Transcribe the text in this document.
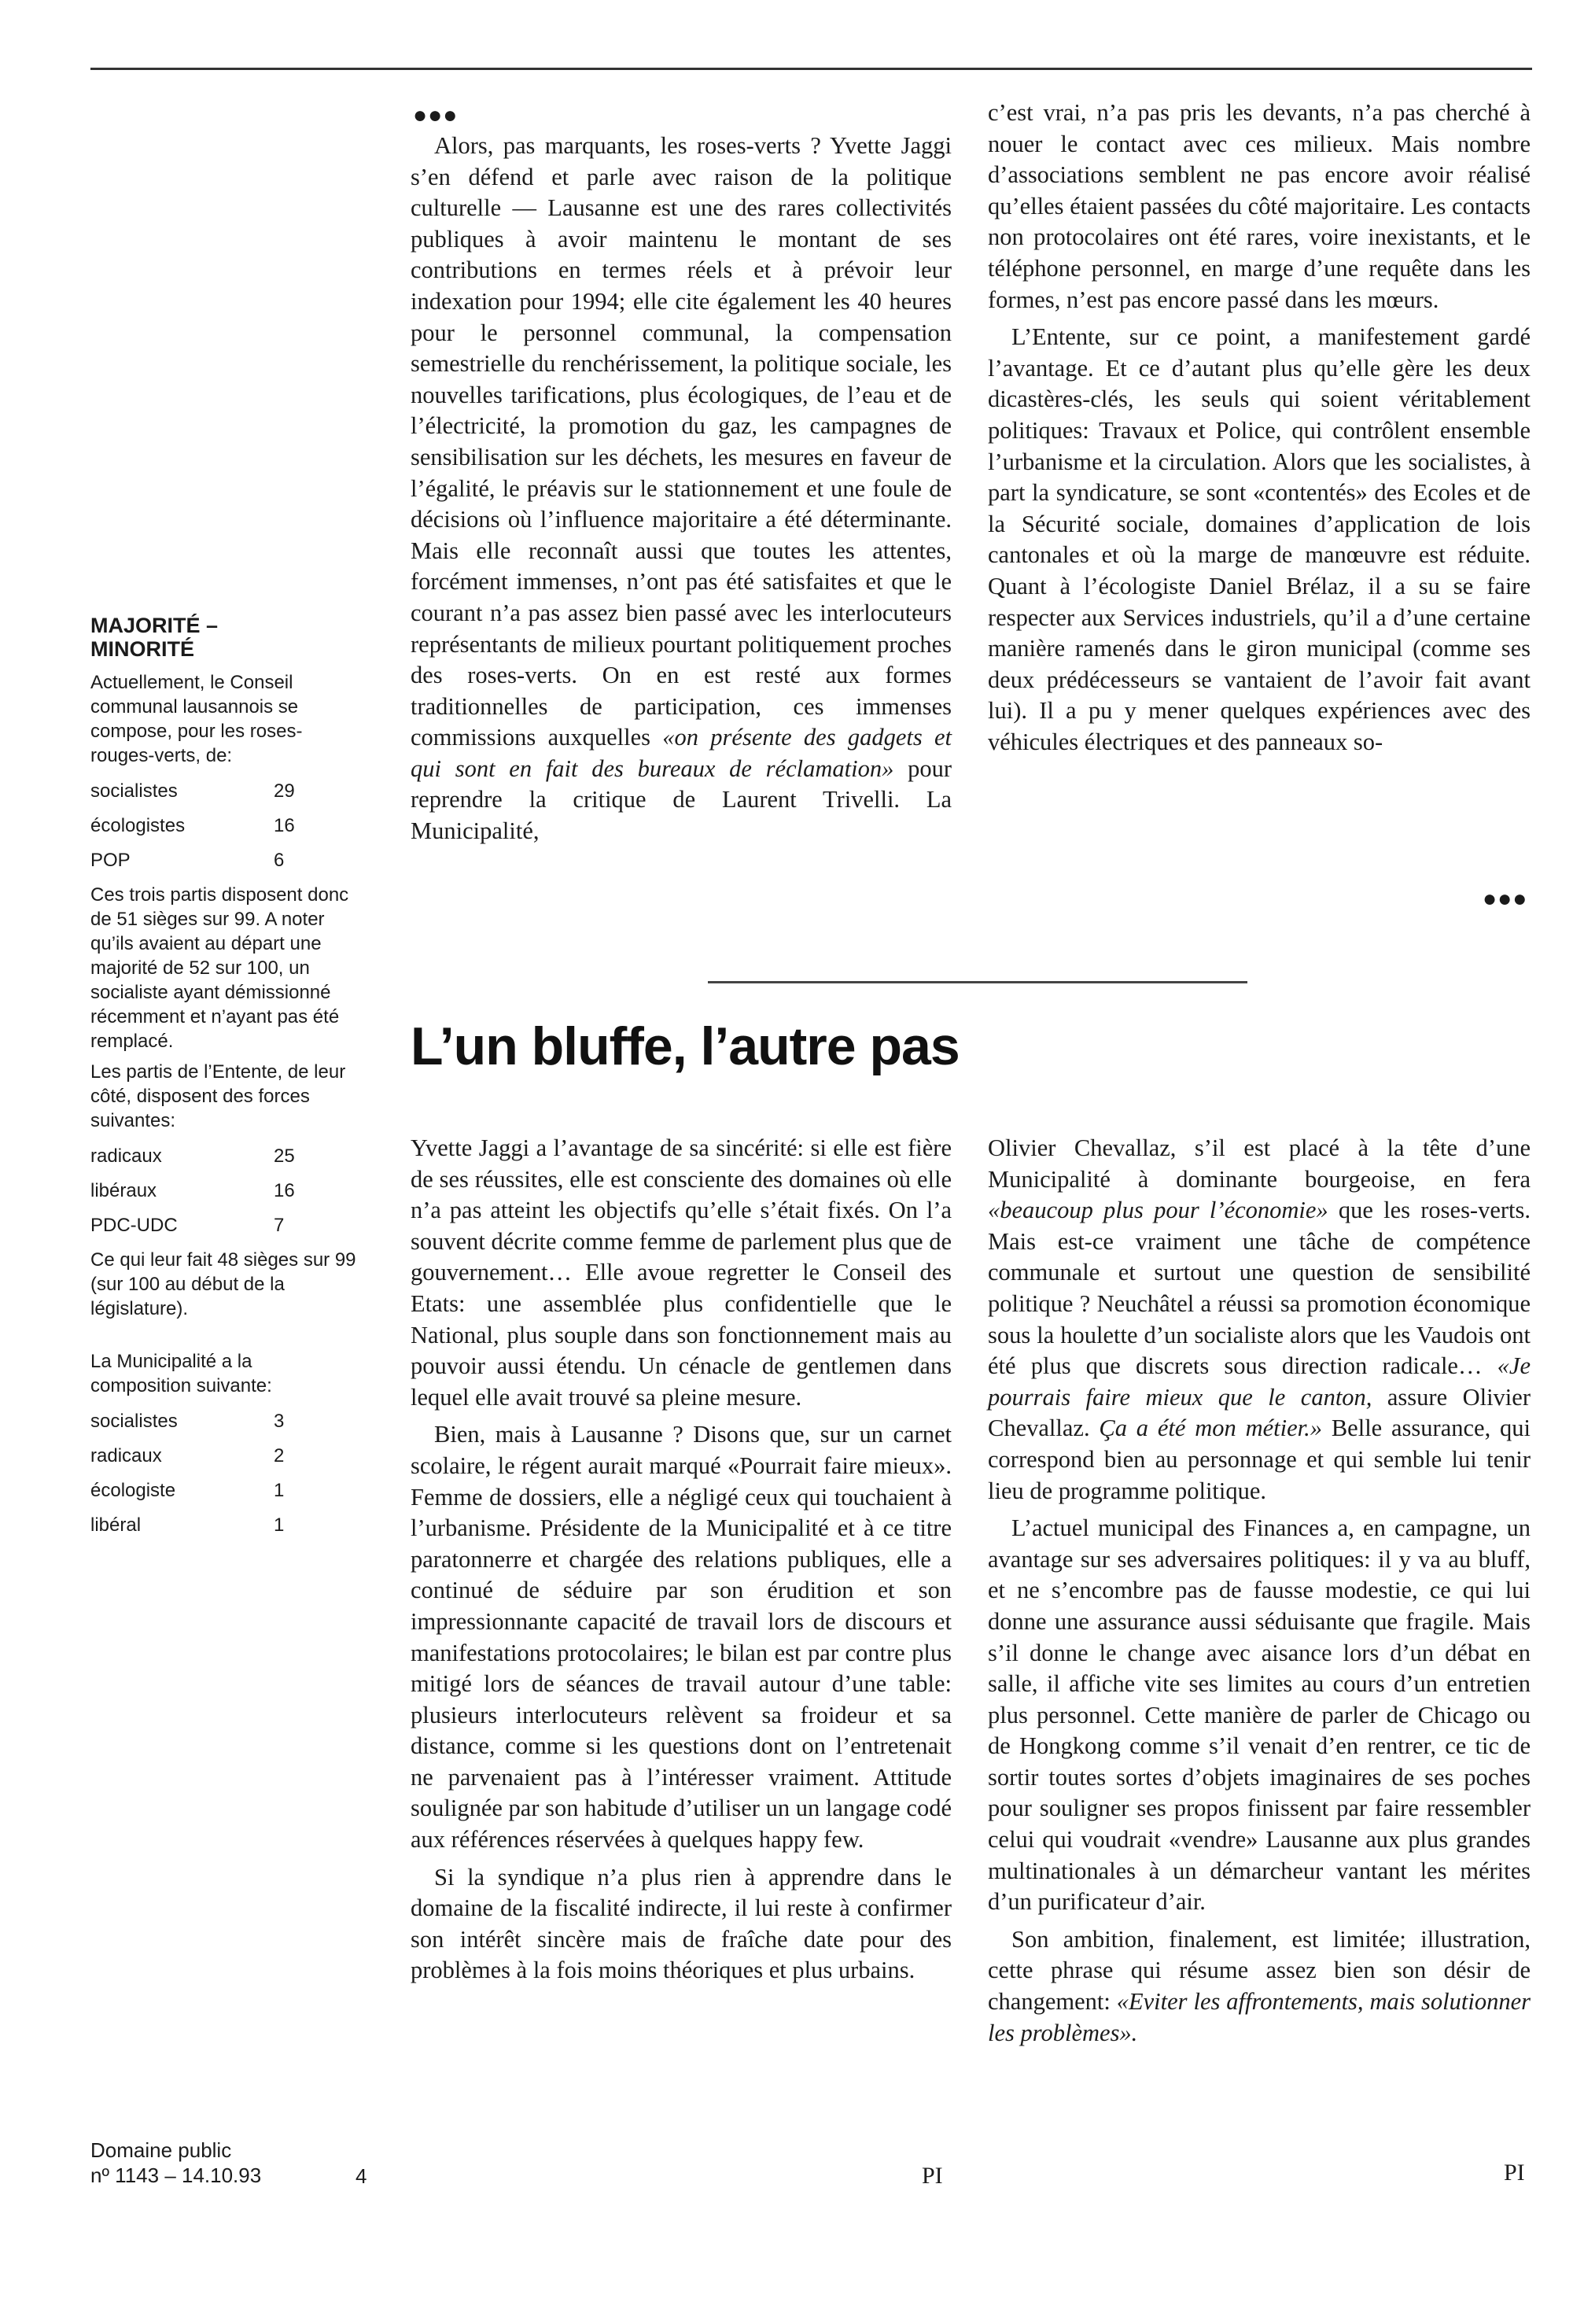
●●●

Alors, pas marquants, les roses-verts ? Yvette Jaggi s’en défend et parle avec raison de la politique culturelle — Lausanne est une des rares collectivités publiques à avoir maintenu le montant de ses contributions en termes réels et à prévoir leur indexation pour 1994; elle cite également les 40 heures pour le personnel communal, la compensation semestrielle du renchérissement, la politique sociale, les nouvelles tarifications, plus écologiques, de l’eau et de l’électricité, la promotion du gaz, les campagnes de sensibilisation sur les déchets, les mesures en faveur de l’égalité, le préavis sur le stationnement et une foule de décisions où l’influence majoritaire a été déterminante. Mais elle reconnaît aussi que toutes les attentes, forcément immenses, n’ont pas été satisfaites et que le courant n’a pas assez bien passé avec les interlocuteurs représentants de milieux pourtant politiquement proches des roses-verts. On en est resté aux formes traditionnelles de participation, ces immenses commissions auxquelles «on présente des gadgets et qui sont en fait des bureaux de réclamation» pour reprendre la critique de Laurent Trivelli. La Municipalité,

c’est vrai, n’a pas pris les devants, n’a pas cherché à nouer le contact avec ces milieux. Mais nombre d’associations semblent ne pas encore avoir réalisé qu’elles étaient passées du côté majoritaire. Les contacts non protocolaires ont été rares, voire inexistants, et le téléphone personnel, en marge d’une requête dans les formes, n’est pas encore passé dans les mœurs.

L’Entente, sur ce point, a manifestement gardé l’avantage. Et ce d’autant plus qu’elle gère les deux dicastères-clés, les seuls qui soient véritablement politiques: Travaux et Police, qui contrôlent ensemble l’urbanisme et la circulation. Alors que les socialistes, à part la syndicature, se sont «contentés» des Ecoles et de la Sécurité sociale, domaines d’application de lois cantonales et où la marge de manœuvre est réduite. Quant à l’écologiste Daniel Brélaz, il a su se faire respecter aux Services industriels, qu’il a d’une certaine manière ramenés dans le giron municipal (comme ses deux prédécesseurs se vantaient de l’avoir fait avant lui). Il a pu y mener quelques expériences avec des véhicules électriques et des panneaux so-

●●●
L’un bluffe, l’autre pas

Yvette Jaggi a l’avantage de sa sincérité: si elle est fière de ses réussites, elle est consciente des domaines où elle n’a pas atteint les objectifs qu’elle s’était fixés. On l’a souvent décrite comme femme de parlement plus que de gouvernement… Elle avoue regretter le Conseil des Etats: une assemblée plus confidentielle que le National, plus souple dans son fonctionnement mais au pouvoir aussi étendu. Un cénacle de gentlemen dans lequel elle avait trouvé sa pleine mesure.

Bien, mais à Lausanne ? Disons que, sur un carnet scolaire, le régent aurait marqué «Pourrait faire mieux». Femme de dossiers, elle a négligé ceux qui touchaient à l’urbanisme. Présidente de la Municipalité et à ce titre paratonnerre et chargée des relations publiques, elle a continué de séduire par son érudition et son impressionnante capacité de travail lors de discours et manifestations protocolaires; le bilan est par contre plus mitigé lors de séances de travail autour d’une table: plusieurs interlocuteurs relèvent sa froideur et sa distance, comme si les questions dont on l’entretenait ne parvenaient pas à l’intéresser vraiment. Attitude soulignée par son habitude d’utiliser un un langage codé aux références réservées à quelques happy few.

Si la syndique n’a plus rien à apprendre dans le domaine de la fiscalité indirecte, il lui reste à confirmer son intérêt sincère mais de fraîche date pour des problèmes à la fois moins théoriques et plus urbains.

PI

Olivier Chevallaz, s’il est placé à la tête d’une Municipalité à dominante bourgeoise, en fera «beaucoup plus pour l’économie» que les roses-verts. Mais est-ce vraiment une tâche de compétence communale et surtout une question de sensibilité politique ? Neuchâtel a réussi sa promotion économique sous la houlette d’un socialiste alors que les Vaudois ont été plus que discrets sous direction radicale… «Je pourrais faire mieux que le canton, assure Olivier Chevallaz. Ça a été mon métier.» Belle assurance, qui correspond bien au personnage et qui semble lui tenir lieu de programme politique.

L’actuel municipal des Finances a, en campagne, un avantage sur ses adversaires politiques: il y va au bluff, et ne s’encombre pas de fausse modestie, ce qui lui donne une assurance aussi séduisante que fragile. Mais s’il donne le change avec aisance lors d’un débat en salle, il affiche vite ses limites au cours d’un entretien plus personnel. Cette manière de parler de Chicago ou de Hongkong comme s’il venait d’en rentrer, ce tic de sortir toutes sortes d’objets imaginaires de ses poches pour souligner ses propos finissent par faire ressembler celui qui voudrait «vendre» Lausanne aux plus grandes multinationales à un démarcheur vantant les mérites d’un purificateur d’air.

Son ambition, finalement, est limitée; illustration, cette phrase qui résume assez bien son désir de changement: «Eviter les affrontements, mais solutionner les problèmes».

PI
MAJORITÉ –
MINORITÉ

Actuellement, le Conseil communal lausannois se compose, pour les roses-rouges-verts, de:

socialistes	29
écologistes	16
POP	6

Ces trois partis disposent donc de 51 sièges sur 99. A noter qu’ils avaient au départ une majorité de 52 sur 100, un socialiste ayant démissionné récemment et n’ayant pas été remplacé.

Les partis de l’Entente, de leur côté, disposent des forces suivantes:

radicaux	25
libéraux	16
PDC-UDC	7

Ce qui leur fait 48 sièges sur 99 (sur 100 au début de la législature).

La Municipalité a la composition suivante:

socialistes	3
radicaux	2
écologiste	1
libéral	1
Domaine public
nº 1143 – 14.10.93	4
